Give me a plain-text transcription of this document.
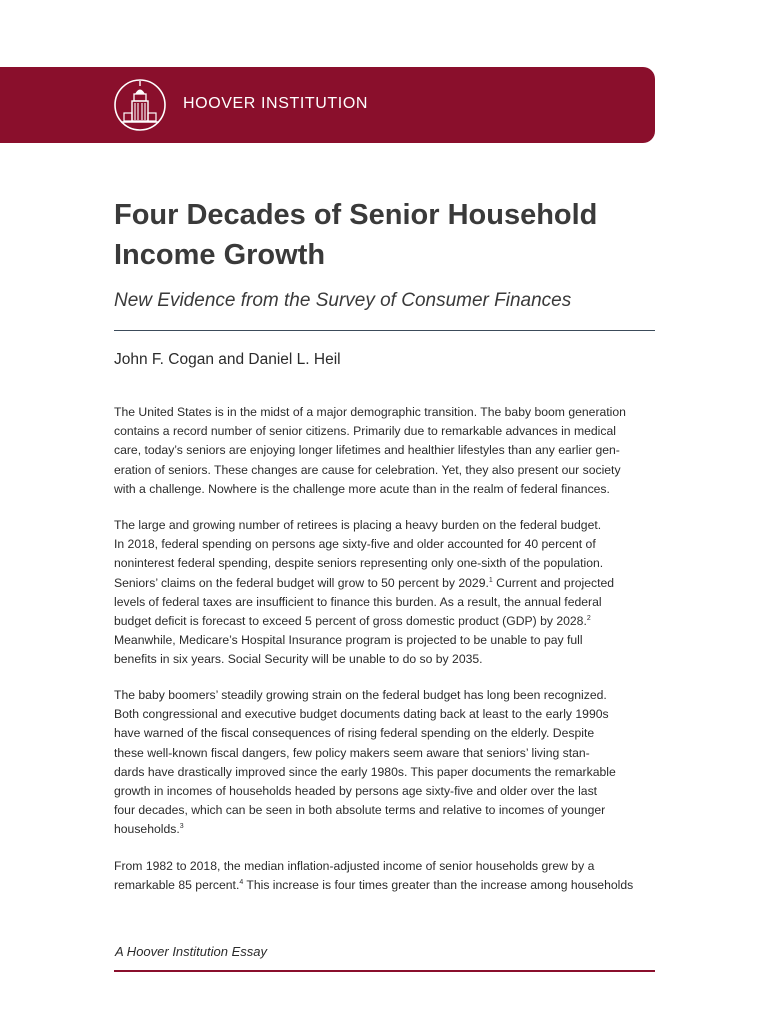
HOOVER INSTITUTION
Four Decades of Senior Household
Income Growth

New Evidence from the Survey of Consumer Finances

John F. Cogan and Daniel L. Heil
The United States is in the midst of a major demographic transition. The baby boom generation
contains a record number of senior citizens. Primarily due to remarkable advances in medical
care, today’s seniors are enjoying longer lifetimes and healthier lifestyles than any earlier gen-
eration of seniors. These changes are cause for celebration. Yet, they also present our society
with a challenge. Nowhere is the challenge more acute than in the realm of federal finances.
The large and growing number of retirees is placing a heavy burden on the federal budget.
In 2018, federal spending on persons age sixty-five and older accounted for 40 percent of
noninterest federal spending, despite seniors representing only one-sixth of the population.
Seniors’ claims on the federal budget will grow to 50 percent by 2029.$^1$ Current and projected
levels of federal taxes are insufficient to finance this burden. As a result, the annual federal
budget deficit is forecast to exceed 5 percent of gross domestic product (GDP) by 2028.$^2$
Meanwhile, Medicare’s Hospital Insurance program is projected to be unable to pay full
benefits in six years. Social Security will be unable to do so by 2035.
The baby boomers’ steadily growing strain on the federal budget has long been recognized.
Both congressional and executive budget documents dating back at least to the early 1990s
have warned of the fiscal consequences of rising federal spending on the elderly. Despite
these well-known fiscal dangers, few policy makers seem aware that seniors’ living stan-
dards have drastically improved since the early 1980s. This paper documents the remarkable
growth in incomes of households headed by persons age sixty-five and older over the last
four decades, which can be seen in both absolute terms and relative to incomes of younger
households.$^3$
From 1982 to 2018, the median inflation-adjusted income of senior households grew by a
remarkable 85 percent.$^4$ This increase is four times greater than the increase among households
A Hoover Institution Essay
